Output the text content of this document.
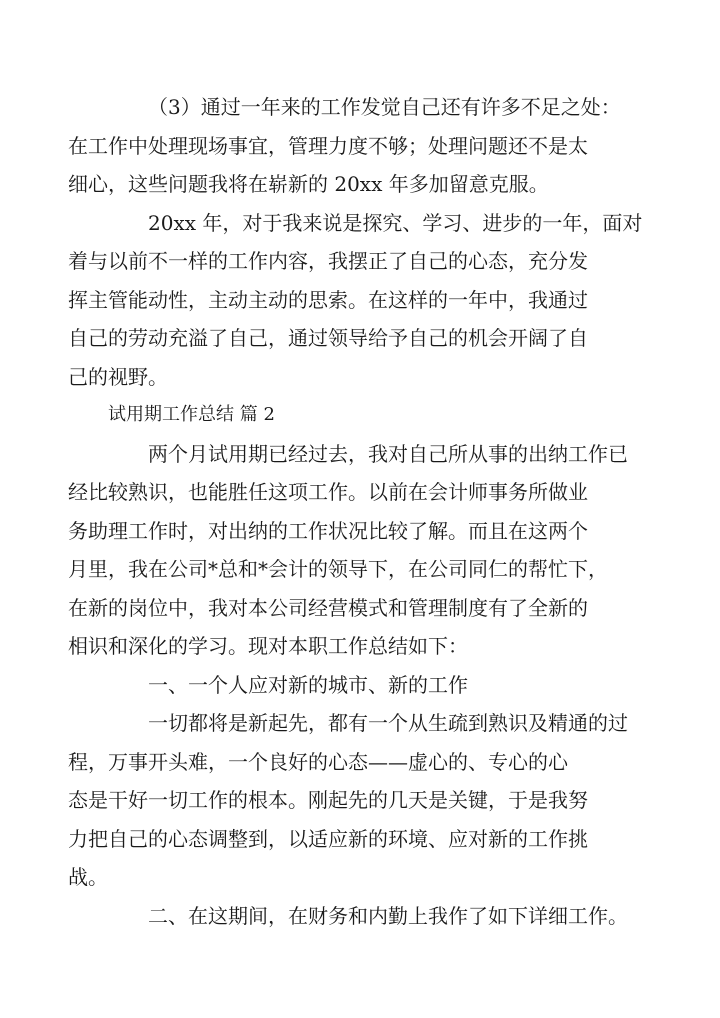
（3）通过一年来的工作发觉自己还有许多不足之处：
在工作中处理现场事宜，管理力度不够；处理问题还不是太
细心，这些问题我将在崭新的 20xx 年多加留意克服。

20xx 年，对于我来说是探究、学习、进步的一年，面对
着与以前不一样的工作内容，我摆正了自己的心态，充分发
挥主管能动性，主动主动的思索。在这样的一年中，我通过
自己的劳动充溢了自己，通过领导给予自己的机会开阔了自
己的视野。

试用期工作总结 篇 2

两个月试用期已经过去，我对自己所从事的出纳工作已
经比较熟识，也能胜任这项工作。以前在会计师事务所做业
务助理工作时，对出纳的工作状况比较了解。而且在这两个
月里，我在公司*总和*会计的领导下，在公司同仁的帮忙下，
在新的岗位中，我对本公司经营模式和管理制度有了全新的
相识和深化的学习。现对本职工作总结如下：

一、一个人应对新的城市、新的工作

一切都将是新起先，都有一个从生疏到熟识及精通的过
程，万事开头难，一个良好的心态——虚心的、专心的心
态是干好一切工作的根本。刚起先的几天是关键，于是我努
力把自己的心态调整到，以适应新的环境、应对新的工作挑
战。

二、在这期间，在财务和内勤上我作了如下详细工作。
